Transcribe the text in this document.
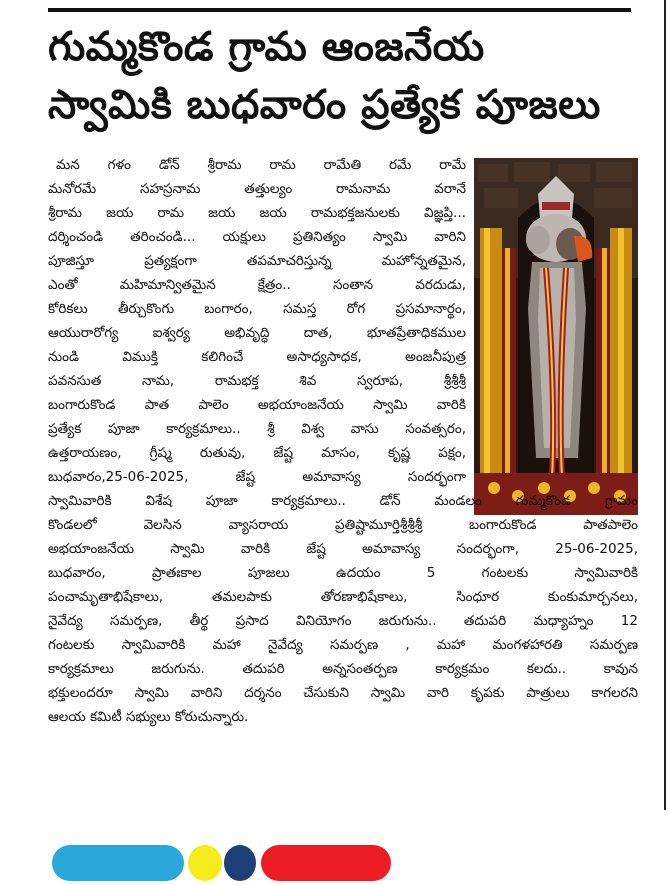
గుమ్మకొండ గ్రామ ఆంజనేయ
స్వామికి బుధవారం ప్రత్యేక పూజలు
మన గళం డోన్ శ్రీరామ రామ రామేతి రమే రామే
మనోరమే సహస్రనామ తత్తుల్యం రామనామ వరానే
శ్రీరామ జయ రామ జయ జయ రామభక్తజనులకు విజ్ఞప్తి...
దర్శించండి తరించండి... యక్షులు ప్రతినిత్యం స్వామి వారిని
పూజిస్తూ ప్రత్యక్షంగా తపమాచరిస్తున్న మహోన్నతమైన,
ఎంతో మహిమాన్వితమైన క్షేత్రం.. సంతాన వరదుడు,
కోరికలు తీర్చుకొంగు బంగారం, సమస్త రోగ ప్రసమానార్థం,
ఆయురారోగ్య ఐశ్వర్య అభివృద్ధి దాత, భూతప్రేతాధికముల
నుండి విముక్తి కలిగించే అసాధ్యసాధక, అంజనీపుత్ర
పవనసుత నామ, రామభక్త శివ స్వరూప, శ్రీశ్రీశ్రీ
బంగారుకొండ పాత పాలెం అభయాంజనేయ స్వామి వారికి
ప్రత్యేక పూజా కార్యక్రమాలు.. శ్రీ విశ్వ వాసు సంవత్సరం,
ఉత్తరాయణం, గ్రీష్మ రుతువు, జేష్ట మాసం, కృష్ణ పక్షం,
బుధవారం,25-06-2025, జేష్ట అమావాస్య సందర్భంగా
స్వామివారికి విశేష పూజా కార్యక్రమాలు.. డోన్ మండలం గుమ్మకొండ గ్రామం
కొండలలో వెలసిన వ్యాసరాయ ప్రతిష్టామూర్తిశ్రీశ్రీశ్రీ బంగారుకొండ పాతపాలెం
అభయాంజనేయ స్వామి వారికి జేష్ట అమావాస్య సందర్భంగా, 25-06-2025,
బుధవారం, ప్రాతఃకాల పూజలు ఉదయం 5 గంటలకు స్వామివారికి
పంచామృతాభిషేకాలు, తమలపాకు తోరణాభిషేకాలు, సింధూర కుంకుమార్చనలు,
నైవేద్య సమర్పణ, తీర్థ ప్రసాద వినియోగం జరుగును.. తదుపరి మధ్యాహ్నం 12
గంటలకు స్వామివారికి మహా నైవేద్య సమర్పణ , మహా మంగళహారతి సమర్పణ
కార్యక్రమాలు జరుగును. తదుపరి అన్నసంతర్పణ కార్యక్రమం కలదు.. కావున
భక్తులందరూ స్వామి వారిని దర్శనం చేసుకుని స్వామి వారి కృపకు పాత్రులు కాగలరని
ఆలయ కమిటీ సభ్యులు కోరుచున్నారు.
